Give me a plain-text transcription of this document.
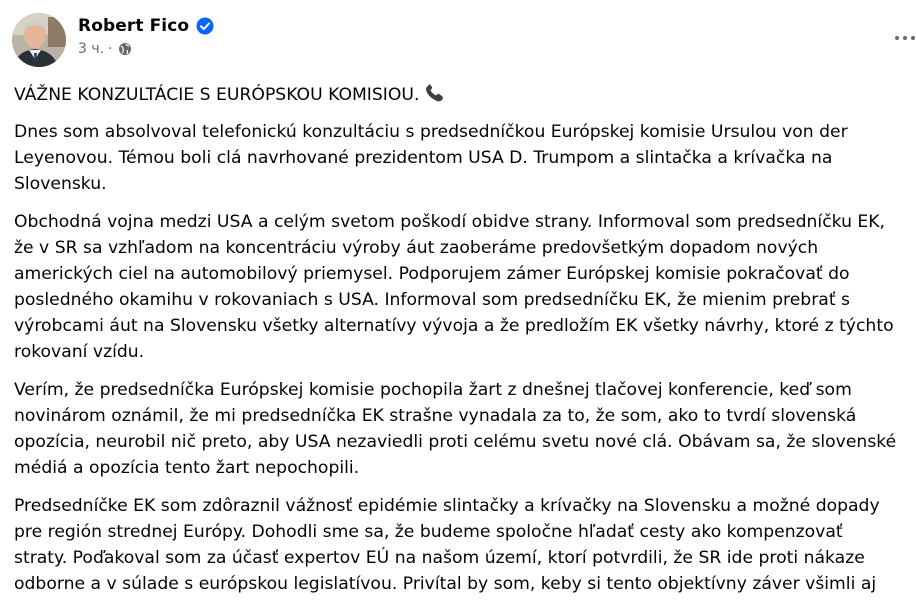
Robert Fico
3 ч. ·

VÁŽNE KONZULTÁCIE S EURÓPSKOU KOMISIOU.

Dnes som absolvoval telefonickú konzultáciu s predsedníčkou Európskej komisie Ursulou von der
Leyenovou. Témou boli clá navrhované prezidentom USA D. Trumpom a slintačka a krívačka na
Slovensku.

Obchodná vojna medzi USA a celým svetom poškodí obidve strany. Informoval som predsedníčku EK,
že v SR sa vzhľadom na koncentráciu výroby áut zaoberáme predovšetkým dopadom nových
amerických ciel na automobilový priemysel. Podporujem zámer Európskej komisie pokračovať do
posledného okamihu v rokovaniach s USA. Informoval som predsedníčku EK, že mienim prebrať s
výrobcami áut na Slovensku všetky alternatívy vývoja a že predložím EK všetky návrhy, ktoré z týchto
rokovaní vzídu.

Verím, že predsedníčka Európskej komisie pochopila žart z dnešnej tlačovej konferencie, keď som
novinárom oznámil, že mi predsedníčka EK strašne vynadala za to, že som, ako to tvrdí slovenská
opozícia, neurobil nič preto, aby USA nezaviedli proti celému svetu nové clá. Obávam sa, že slovenské
médiá a opozícia tento žart nepochopili.

Predsedníčke EK som zdôraznil vážnosť epidémie slintačky a krívačky na Slovensku a možné dopady
pre región strednej Európy. Dohodli sme sa, že budeme spoločne hľadať cesty ako kompenzovať
straty. Poďakoval som za účasť expertov EÚ na našom území, ktorí potvrdili, že SR ide proti nákaze
odborne a v súlade s európskou legislatívou. Privítal by som, keby si tento objektívny záver všimli aj
